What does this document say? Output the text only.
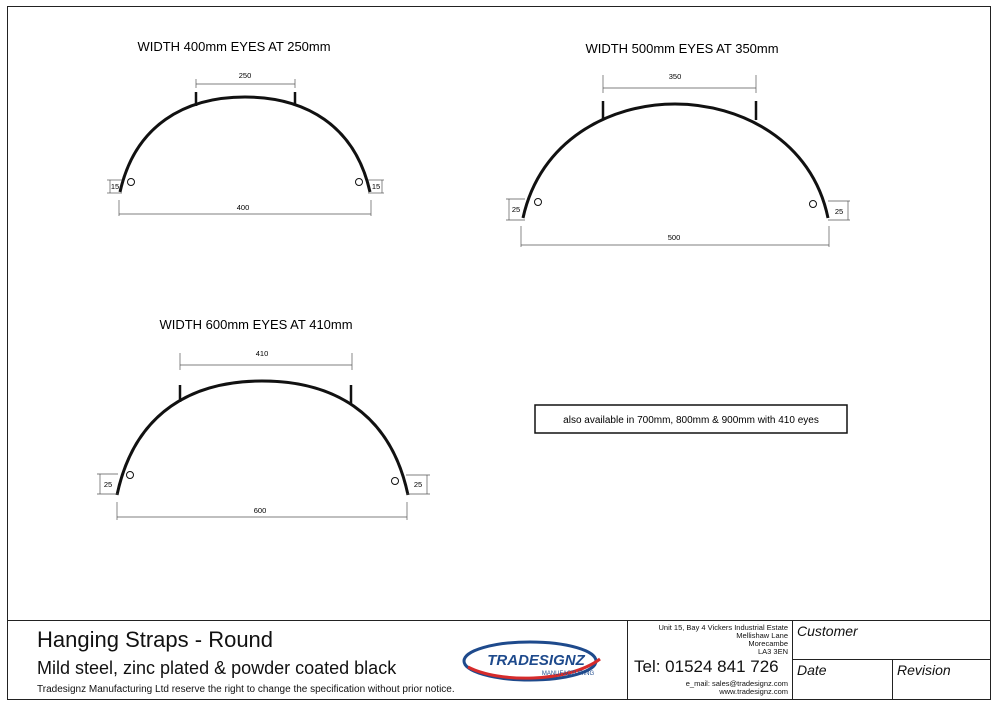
WIDTH 400mm EYES AT 250mm
250
400
15	15
WIDTH 500mm EYES AT 350mm
350
500
25	25
WIDTH 600mm EYES AT 410mm
410
600
25	25
also available in 700mm, 800mm & 900mm with 410 eyes
Hanging Straps - Round
Mild steel, zinc plated & powder coated black
Tradesignz Manufacturing Ltd reserve the right to change the specification without prior notice.
Unit 15, Bay 4 Vickers Industrial Estate
Mellishaw Lane
Morecambe
LA3 3EN
Tel: 01524 841 726
e_mail: sales@tradesignz.com
www.tradesignz.com
Customer
Date	Revision
TRADESIGNZ
MANUFACTURING
